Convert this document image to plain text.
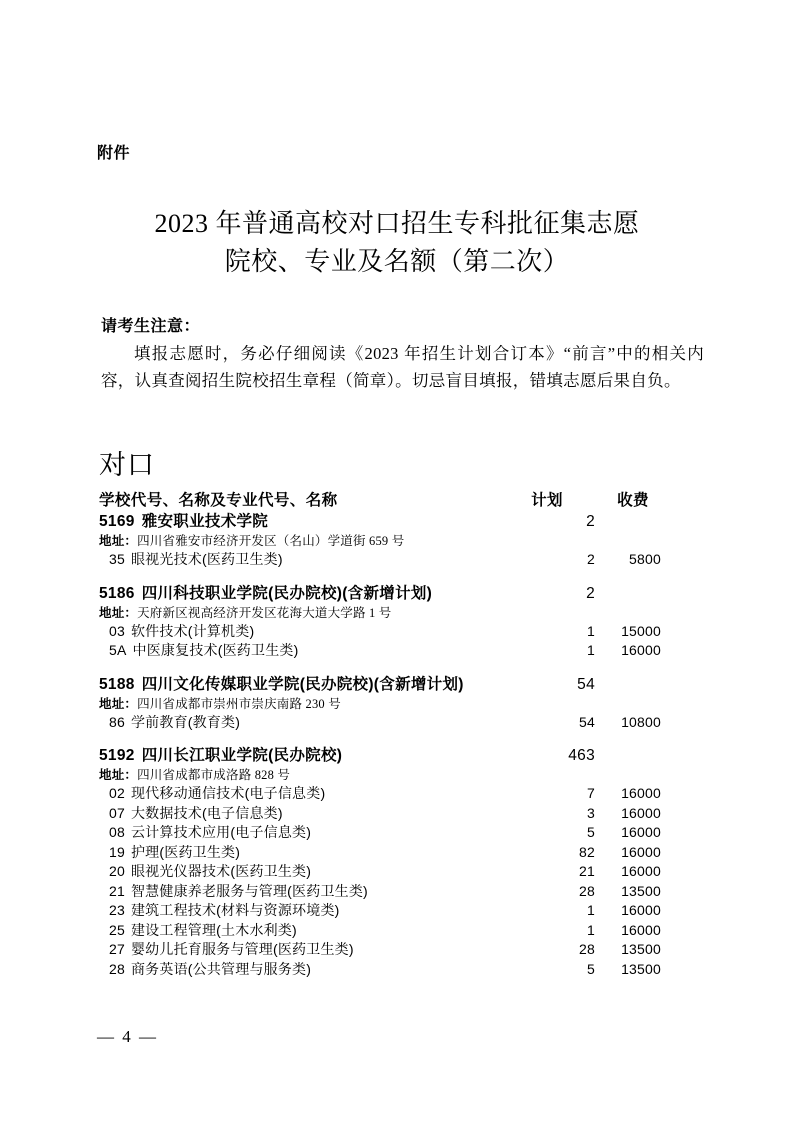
附件
2023 年普通高校对口招生专科批征集志愿
院校、专业及名额（第二次）
请考生注意：
填报志愿时，务必仔细阅读《2023 年招生计划合订本》“前言”中的相关内容，认真查阅招生院校招生章程（简章）。切忌盲目填报，错填志愿后果自负。
对口
学校代号、名称及专业代号、名称	计划	收费
5169 雅安职业技术学院	2
地址：四川省雅安市经济开发区（名山）学道街 659 号
35 眼视光技术(医药卫生类)	2	5800
5186 四川科技职业学院(民办院校)(含新增计划)	2
地址：天府新区视高经济开发区花海大道大学路 1 号
03 软件技术(计算机类)	1	15000
5A 中医康复技术(医药卫生类)	1	16000
5188 四川文化传媒职业学院(民办院校)(含新增计划)	54
地址：四川省成都市崇州市崇庆南路 230 号
86 学前教育(教育类)	54	10800
5192 四川长江职业学院(民办院校)	463
地址：四川省成都市成洛路 828 号
02 现代移动通信技术(电子信息类)	7	16000
07 大数据技术(电子信息类)	3	16000
08 云计算技术应用(电子信息类)	5	16000
19 护理(医药卫生类)	82	16000
20 眼视光仪器技术(医药卫生类)	21	16000
21 智慧健康养老服务与管理(医药卫生类)	28	13500
23 建筑工程技术(材料与资源环境类)	1	16000
25 建设工程管理(土木水利类)	1	16000
27 婴幼儿托育服务与管理(医药卫生类)	28	13500
28 商务英语(公共管理与服务类)	5	13500
— 4 —
